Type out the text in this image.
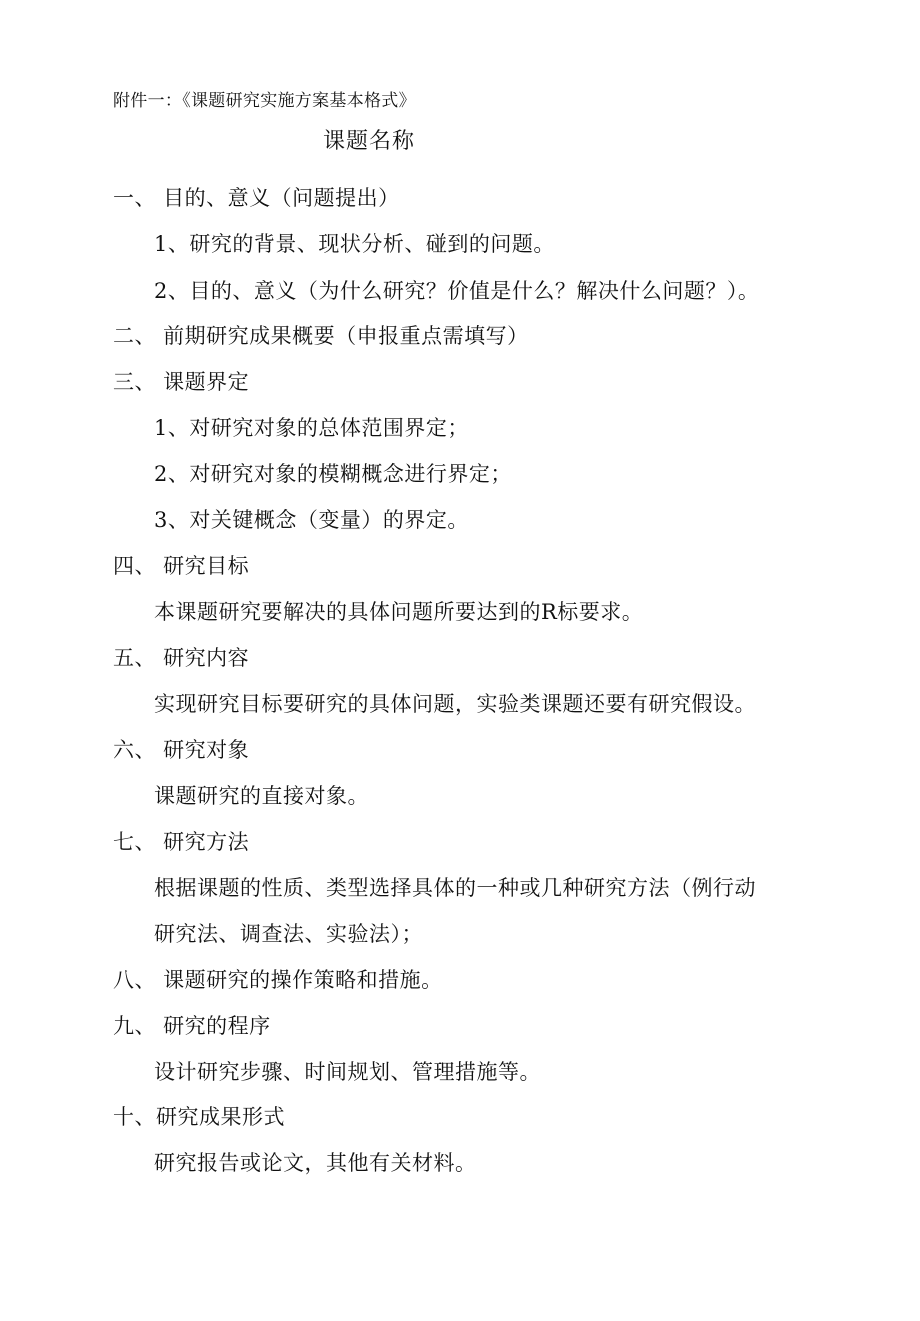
附件一：《课题研究实施方案基本格式》
课题名称
一、 目的、意义（问题提出）
1、研究的背景、现状分析、碰到的问题。
2、目的、意义（为什么研究？价值是什么？解决什么问题？）。
二、 前期研究成果概要（申报重点需填写）
三、 课题界定
1、对研究对象的总体范围界定；
2、对研究对象的模糊概念进行界定；
3、对关键概念（变量）的界定。
四、 研究目标
本课题研究要解决的具体问题所要达到的R标要求。
五、 研究内容
实现研究目标要研究的具体问题，实验类课题还要有研究假设。
六、 研究对象
课题研究的直接对象。
七、 研究方法
根据课题的性质、类型选择具体的一种或几种研究方法（例行动
研究法、调查法、实验法）；
八、 课题研究的操作策略和措施。
九、 研究的程序
设计研究步骤、时间规划、管理措施等。
十、研究成果形式
研究报告或论文，其他有关材料。
